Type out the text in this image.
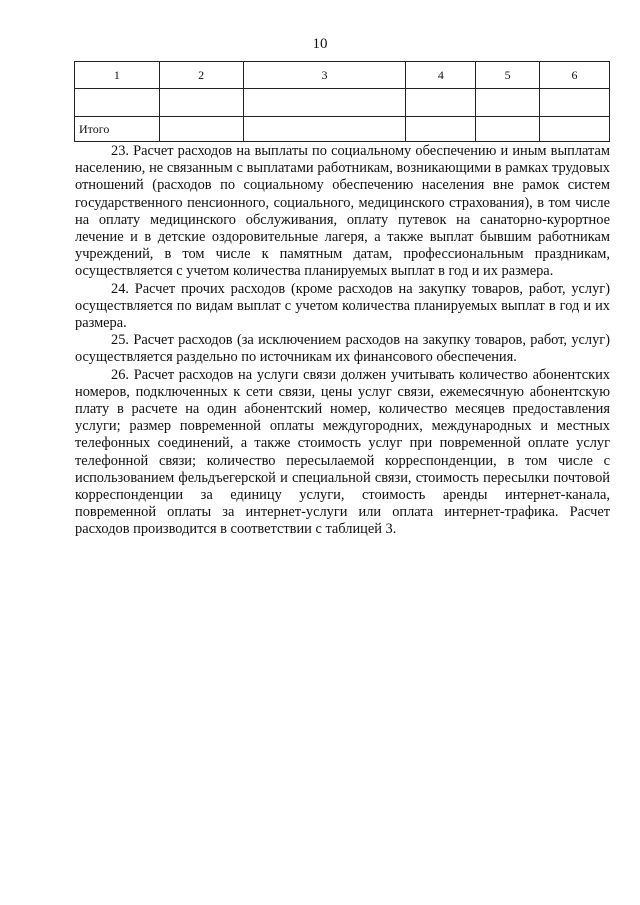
10
1	2	3	4	5	6

Итого					

23. Расчет расходов на выплаты по социальному обеспечению и иным выплатам населению, не связанным с выплатами работникам, возникающими в рамках трудовых отношений (расходов по социальному обеспечению населения вне рамок систем государственного пенсионного, социального, медицинского страхования), в том числе на оплату медицинского обслуживания, оплату путевок на санаторно-курортное лечение и в детские оздоровительные лагеря, а также выплат бывшим работникам учреждений, в том числе к памятным датам, профессиональным праздникам, осуществляется с учетом количества планируемых выплат в год и их размера.

24. Расчет прочих расходов (кроме расходов на закупку товаров, работ, услуг) осуществляется по видам выплат с учетом количества планируемых выплат в год и их размера.

25. Расчет расходов (за исключением расходов на закупку товаров, работ, услуг) осуществляется раздельно по источникам их финансового обеспечения.

26. Расчет расходов на услуги связи должен учитывать количество абонентских номеров, подключенных к сети связи, цены услуг связи, ежемесячную абонентскую плату в расчете на один абонентский номер, количество месяцев предоставления услуги; размер повременной оплаты междугородних, международных и местных телефонных соединений, а также стоимость услуг при повременной оплате услуг телефонной связи; количество пересылаемой корреспонденции, в том числе с использованием фельдъегерской и специальной связи, стоимость пересылки почтовой корреспонденции за единицу услуги, стоимость аренды интернет-канала, повременной оплаты за интернет-услуги или оплата интернет-трафика. Расчет расходов производится в соответствии с таблицей 3.
